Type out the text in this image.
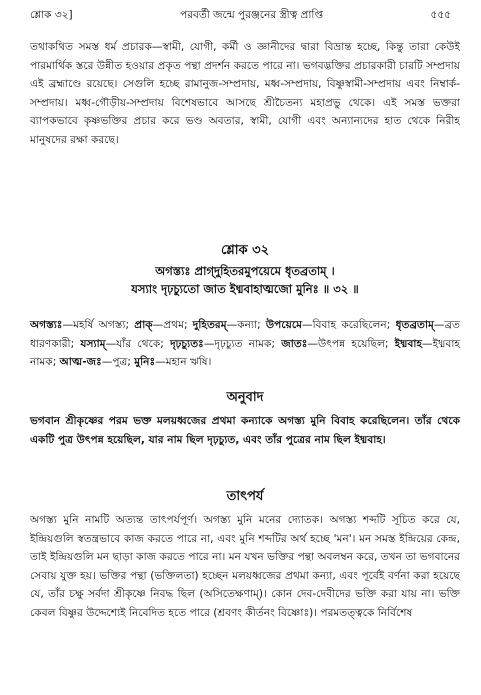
শ্লোক ৩২]	পরবর্তী জন্মে পুরঞ্জনের স্ত্রীত্ব প্রাপ্তি	৫৫৫

তথাকথিত সমস্ত ধর্ম প্রচারক—স্বামী, যোগী, কর্মী ও জ্ঞানীদের দ্বারা বিভ্রান্ত হচ্ছে, কিন্তু তারা কেউই পারমার্থিক স্তরে উন্নীত হওয়ার প্রকৃত পন্থা প্রদর্শন করতে পারে না। ভগবদ্ভক্তির প্রচারকারী চারটি সম্প্রদায় এই ব্রহ্মাণ্ডে রয়েছে। সেগুলি হচ্ছে রামানুজ-সম্প্রদায়, মধ্ব-সম্প্রদায়, বিষ্ণুস্বামী-সম্প্রদায় এবং নিম্বার্ক-সম্প্রদায়। মধ্ব-গৌড়ীয়-সম্প্রদায় বিশেষভাবে আসছে শ্রীচৈতন্য মহাপ্রভু থেকে। এই সমস্ত ভক্তরা ব্যাপকভাবে কৃষ্ণভক্তির প্রচার করে ভণ্ড অবতার, স্বামী, যোগী এবং অন্যান্যদের হাত থেকে নিরীহ মানুষদের রক্ষা করছে।

শ্লোক ৩২

অগস্ত্যঃ প্রাগ্‌দুহিতরমুপয়েমে ধৃতব্রতাম্‌ ।
যস্যাং দৃঢ়চ্যুতো জাত ইধ্মবাহাত্মজো মুনিঃ ॥ ৩২ ॥

অগস্ত্যঃ—মহর্ষি অগস্ত্য; প্রাক্—প্রথম; দুহিতরম্—কন্যা; উপয়েমে—বিবাহ করেছিলেন; ধৃতব্রতাম্—ব্রত ধারণকারী; যস্যাম্—যাঁর থেকে; দৃঢ়চ্যুতঃ—দৃঢ়চ্যুত নামক; জাতঃ—উৎপন্ন হয়েছিল; ইধ্মবাহ—ইধ্মবাহ নামক; আত্ম-জঃ—পুত্র; মুনিঃ—মহান ঋষি।

অনুবাদ

ভগবান শ্রীকৃষ্ণের পরম ভক্ত মলয়ধ্বজের প্রথমা কন্যাকে অগস্ত্য মুনি বিবাহ করেছিলেন। তাঁর থেকে একটি পুত্র উৎপন্ন হয়েছিল, যার নাম ছিল দৃঢ়চ্যুত, এবং তাঁর পুত্রের নাম ছিল ইধ্মবাহ।

তাৎপর্য

অগস্ত্য মুনি নামটি অত্যন্ত তাৎপর্যপূর্ণ। অগস্ত্য মুনি মনের দ্যোতক। অগস্ত্য শব্দটি সূচিত করে যে, ইন্দ্রিয়গুলি স্বতন্ত্রভাবে কাজ করতে পারে না, এবং মুনি শব্দটির অর্থ হচ্ছে 'মন'। মন সমস্ত ইন্দ্রিয়ের কেন্দ্র, তাই ইন্দ্রিয়গুলি মন ছাড়া কাজ করতে পারে না। মন যখন ভক্তির পন্থা অবলম্বন করে, তখন তা ভগবানের সেবায় যুক্ত হয়। ভক্তির পন্থা (ভক্তিলতা) হচ্ছেন মলয়ধ্বজের প্রথমা কন্যা, এবং পূর্বেই বর্ণনা করা হয়েছে যে, তাঁর চক্ষু সর্বদা শ্রীকৃষ্ণে নিবদ্ধ ছিল (অসিতেক্ষণাম্)। কোন দেব-দেবীদের ভক্তি করা যায় না। ভক্তি কেবল বিষ্ণুর উদ্দেশ্যেই নিবেদিত হতে পারে (শ্রবণং কীর্তনং বিষ্ণোঃ)। পরমতত্ত্বকে নির্বিশেষ
